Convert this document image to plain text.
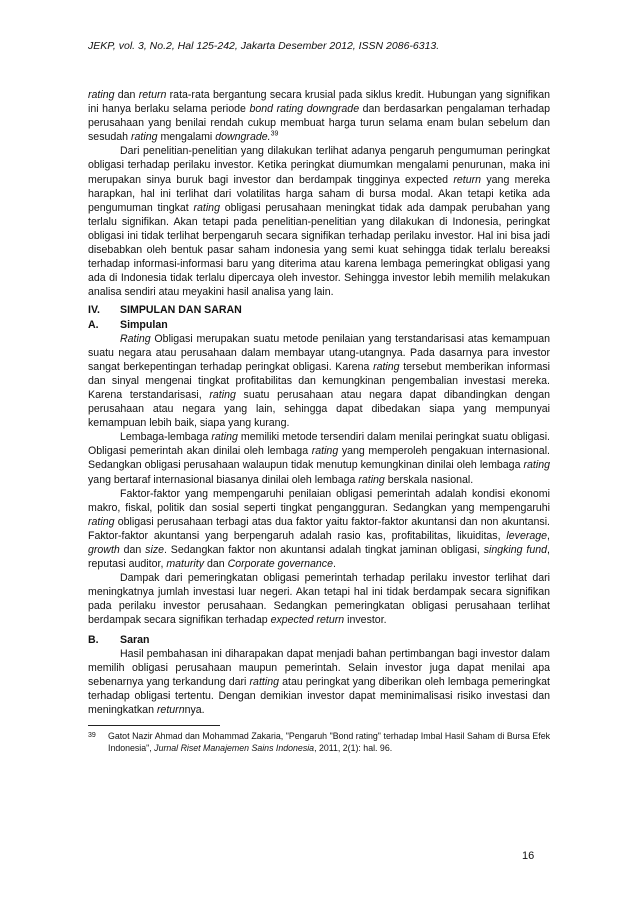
JEKP, vol. 3, No.2, Hal 125-242, Jakarta Desember 2012, ISSN 2086-6313.

rating dan return rata-rata bergantung secara krusial pada siklus kredit. Hubungan yang signifikan ini hanya berlaku selama periode bond rating downgrade dan berdasarkan pengalaman terhadap perusahaan yang benilai rendah cukup membuat harga turun selama enam bulan sebelum dan sesudah rating mengalami downgrade.$^{39}$

Dari penelitian-penelitian yang dilakukan terlihat adanya pengaruh pengumuman peringkat obligasi terhadap perilaku investor. Ketika peringkat diumumkan mengalami penurunan, maka ini merupakan sinya buruk bagi investor dan berdampak tingginya expected return yang mereka harapkan, hal ini terlihat dari volatilitas harga saham di bursa modal. Akan tetapi ketika ada pengumuman tingkat rating obligasi perusahaan meningkat tidak ada dampak perubahan yang terlalu signifikan. Akan tetapi pada penelitian-penelitian yang dilakukan di Indonesia, peringkat obligasi ini tidak terlihat berpengaruh secara signifikan terhadap perilaku investor. Hal ini bisa jadi disebabkan oleh bentuk pasar saham indonesia yang semi kuat sehingga tidak terlalu bereaksi terhadap informasi-informasi baru yang diterima atau karena lembaga pemeringkat obligasi yang ada di Indonesia tidak terlalu dipercaya oleh investor. Sehingga investor lebih memilih melakukan analisa sendiri atau meyakini hasil analisa yang lain.

IV.	SIMPULAN DAN SARAN
A.	Simpulan

Rating Obligasi merupakan suatu metode penilaian yang terstandarisasi atas kemampuan suatu negara atau perusahaan dalam membayar utang-utangnya. Pada dasarnya para investor sangat berkepentingan terhadap peringkat obligasi. Karena rating tersebut memberikan informasi dan sinyal mengenai tingkat profitabilitas dan kemungkinan pengembalian investasi mereka. Karena terstandarisasi, rating suatu perusahaan atau negara dapat dibandingkan dengan perusahaan atau negara yang lain, sehingga dapat dibedakan siapa yang mempunyai kemampuan lebih baik, siapa yang kurang.

Lembaga-lembaga rating memiliki metode tersendiri dalam menilai peringkat suatu obligasi. Obligasi pemerintah akan dinilai oleh lembaga rating yang memperoleh pengakuan internasional. Sedangkan obligasi perusahaan walaupun tidak menutup kemungkinan dinilai oleh lembaga rating yang bertaraf internasional biasanya dinilai oleh lembaga rating berskala nasional.

Faktor-faktor yang mempengaruhi penilaian obligasi pemerintah adalah kondisi ekonomi makro, fiskal, politik dan sosial seperti tingkat pengangguran. Sedangkan yang mempengaruhi rating obligasi perusahaan terbagi atas dua faktor yaitu faktor-faktor akuntansi dan non akuntansi. Faktor-faktor akuntansi yang berpengaruh adalah rasio kas, profitabilitas, likuiditas, leverage, growth dan size. Sedangkan faktor non akuntansi adalah tingkat jaminan obligasi, singking fund, reputasi auditor, maturity dan Corporate governance.

Dampak dari pemeringkatan obligasi pemerintah terhadap perilaku investor terlihat dari meningkatnya jumlah investasi luar negeri. Akan tetapi hal ini tidak berdampak secara signifikan pada perilaku investor perusahaan. Sedangkan pemeringkatan obligasi perusahaan terlihat berdampak secara signifikan terhadap expected return investor.

B.	Saran

Hasil pembahasan ini diharapakan dapat menjadi bahan pertimbangan bagi investor dalam memilih obligasi perusahaan maupun pemerintah. Selain investor juga dapat menilai apa sebenarnya yang terkandung dari ratting atau peringkat yang diberikan oleh lembaga pemeringkat terhadap obligasi tertentu. Dengan demikian investor dapat meminimalisasi risiko investasi dan meningkatkan returnnya.

39	Gatot Nazir Ahmad dan Mohammad Zakaria, "Pengaruh "Bond rating" terhadap Imbal Hasil Saham di Bursa Efek Indonesia", Jurnal Riset Manajemen Sains Indonesia, 2011, 2(1): hal. 96.
16
